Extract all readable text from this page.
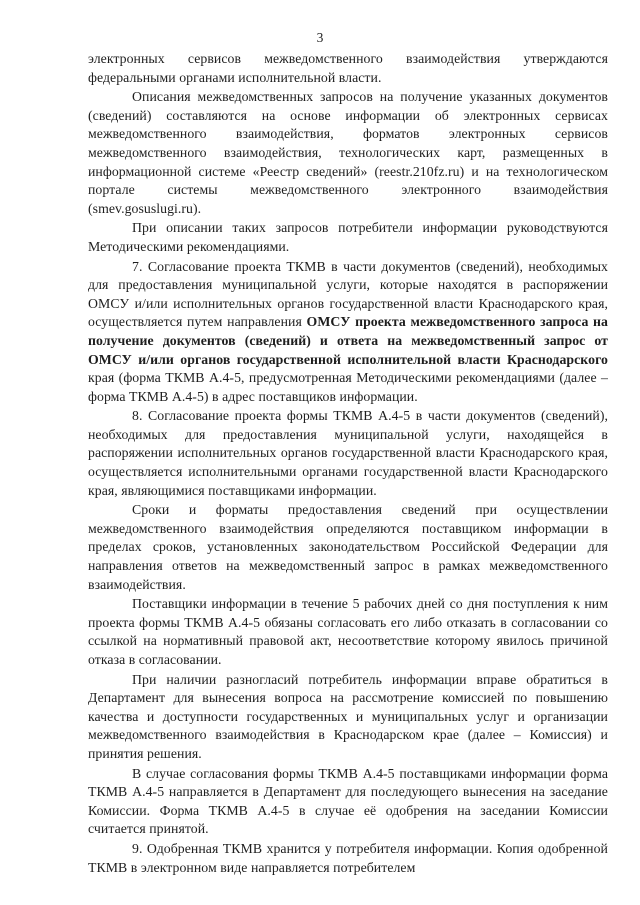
3

электронных сервисов межведомственного взаимодействия утверждаются федеральными органами исполнительной власти.

Описания межведомственных запросов на получение указанных документов (сведений) составляются на основе информации об электронных сервисах межведомственного взаимодействия, форматов электронных сервисов межведомственного взаимодействия, технологических карт, размещенных в информационной системе «Реестр сведений» (reestr.210fz.ru) и на технологическом портале системы межведомственного электронного взаимодействия (smev.gosuslugi.ru).

При описании таких запросов потребители информации руководствуются Методическими рекомендациями.

7. Согласование проекта ТКМВ в части документов (сведений), необходимых для предоставления муниципальной услуги, которые находятся в распоряжении ОМСУ и/или исполнительных органов государственной власти Краснодарского края, осуществляется путем направления ОМСУ проекта межведомственного запроса на получение документов (сведений) и ответа на межведомственный запрос от ОМСУ и/или органов государственной исполнительной власти Краснодарского края (форма ТКМВ А.4-5, предусмотренная Методическими рекомендациями (далее – форма ТКМВ А.4-5) в адрес поставщиков информации.

8. Согласование проекта формы ТКМВ А.4-5 в части документов (сведений), необходимых для предоставления муниципальной услуги, находящейся в распоряжении исполнительных органов государственной власти Краснодарского края, осуществляется исполнительными органами государственной власти Краснодарского края, являющимися поставщиками информации.

Сроки и форматы предоставления сведений при осуществлении межведомственного взаимодействия определяются поставщиком информации в пределах сроков, установленных законодательством Российской Федерации для направления ответов на межведомственный запрос в рамках межведомственного взаимодействия.

Поставщики информации в течение 5 рабочих дней со дня поступления к ним проекта формы ТКМВ А.4-5 обязаны согласовать его либо отказать в согласовании со ссылкой на нормативный правовой акт, несоответствие которому явилось причиной отказа в согласовании.

При наличии разногласий потребитель информации вправе обратиться в Департамент для вынесения вопроса на рассмотрение комиссией по повышению качества и доступности государственных и муниципальных услуг и организации межведомственного взаимодействия в Краснодарском крае (далее – Комиссия) и принятия решения.

В случае согласования формы ТКМВ А.4-5 поставщиками информации форма ТКМВ А.4-5 направляется в Департамент для последующего вынесения на заседание Комиссии. Форма ТКМВ А.4-5 в случае её одобрения на заседании Комиссии считается принятой.

9. Одобренная ТКМВ хранится у потребителя информации. Копия одобренной ТКМВ в электронном виде направляется потребителем
